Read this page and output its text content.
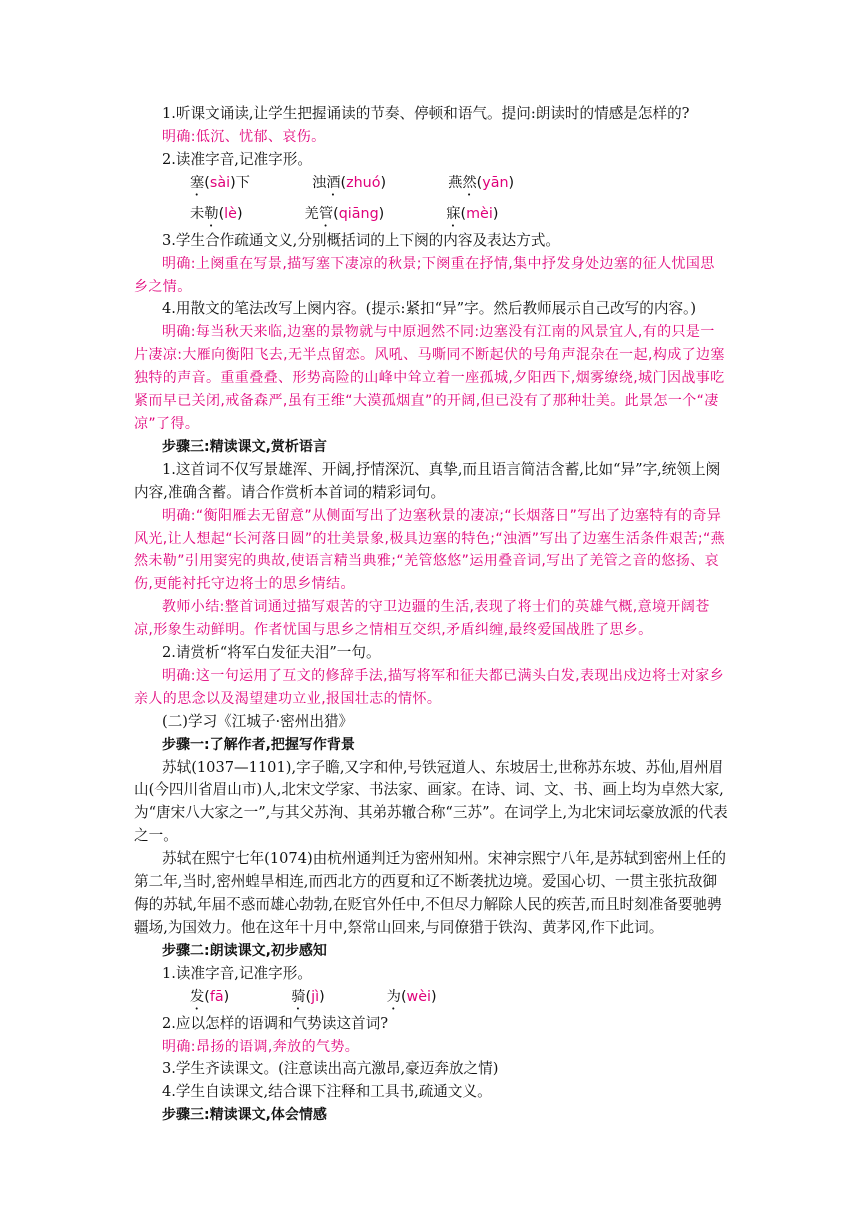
1.听课文诵读,让学生把握诵读的节奏、停顿和语气。提问:朗读时的情感是怎样的?

明确:低沉、忧郁、哀伤。

2.读准字音,记准字形。

塞(sài)下	浊酒(zhuó)	燕然(yān)
未勒(lè)	羌管(qiāng)	寐(mèi)

3.学生合作疏通文义,分别概括词的上下阕的内容及表达方式。

明确:上阕重在写景,描写塞下凄凉的秋景;下阕重在抒情,集中抒发身处边塞的征人忧国思乡之情。

4.用散文的笔法改写上阕内容。(提示:紧扣“异”字。然后教师展示自己改写的内容。)

明确:每当秋天来临,边塞的景物就与中原迥然不同:边塞没有江南的风景宜人,有的只是一片凄凉:大雁向衡阳飞去,无半点留恋。风吼、马嘶同不断起伏的号角声混杂在一起,构成了边塞独特的声音。重重叠叠、形势高险的山峰中耸立着一座孤城,夕阳西下,烟雾缭绕,城门因战事吃紧而早已关闭,戒备森严,虽有王维“大漠孤烟直”的开阔,但已没有了那种壮美。此景怎一个“凄凉”了得。

步骤三:精读课文,赏析语言

1.这首词不仅写景雄浑、开阔,抒情深沉、真挚,而且语言简洁含蓄,比如“异”字,统领上阕内容,准确含蓄。请合作赏析本首词的精彩词句。

明确:“衡阳雁去无留意”从侧面写出了边塞秋景的凄凉;“长烟落日”写出了边塞特有的奇异风光,让人想起“长河落日圆”的壮美景象,极具边塞的特色;“浊酒”写出了边塞生活条件艰苦;“燕然未勒”引用窦宪的典故,使语言精当典雅;“羌管悠悠”运用叠音词,写出了羌管之音的悠扬、哀伤,更能衬托守边将士的思乡情结。

教师小结:整首词通过描写艰苦的守卫边疆的生活,表现了将士们的英雄气概,意境开阔苍凉,形象生动鲜明。作者忧国与思乡之情相互交织,矛盾纠缠,最终爱国战胜了思乡。

2.请赏析“将军白发征夫泪”一句。

明确:这一句运用了互文的修辞手法,描写将军和征夫都已满头白发,表现出戍边将士对家乡亲人的思念以及渴望建功立业,报国壮志的情怀。

(二)学习《江城子·密州出猎》

步骤一:了解作者,把握写作背景

苏轼(1037—1101),字子瞻,又字和仲,号铁冠道人、东坡居士,世称苏东坡、苏仙,眉州眉山(今四川省眉山市)人,北宋文学家、书法家、画家。在诗、词、文、书、画上均为卓然大家,为“唐宋八大家之一”,与其父苏洵、其弟苏辙合称“三苏”。在词学上,为北宋词坛豪放派的代表之一。

苏轼在熙宁七年(1074)由杭州通判迁为密州知州。宋神宗熙宁八年,是苏轼到密州上任的第二年,当时,密州蝗旱相连,而西北方的西夏和辽不断袭扰边境。爱国心切、一贯主张抗敌御侮的苏轼,年届不惑而雄心勃勃,在贬官外任中,不但尽力解除人民的疾苦,而且时刻准备要驰骋疆场,为国效力。他在这年十月中,祭常山回来,与同僚猎于铁沟、黄茅冈,作下此词。

步骤二:朗读课文,初步感知

1.读准字音,记准字形。

发(fā)	骑(jì)	为(wèi)

2.应以怎样的语调和气势读这首词?

明确:昂扬的语调,奔放的气势。

3.学生齐读课文。(注意读出高亢激昂,豪迈奔放之情)

4.学生自读课文,结合课下注释和工具书,疏通文义。

步骤三:精读课文,体会情感
